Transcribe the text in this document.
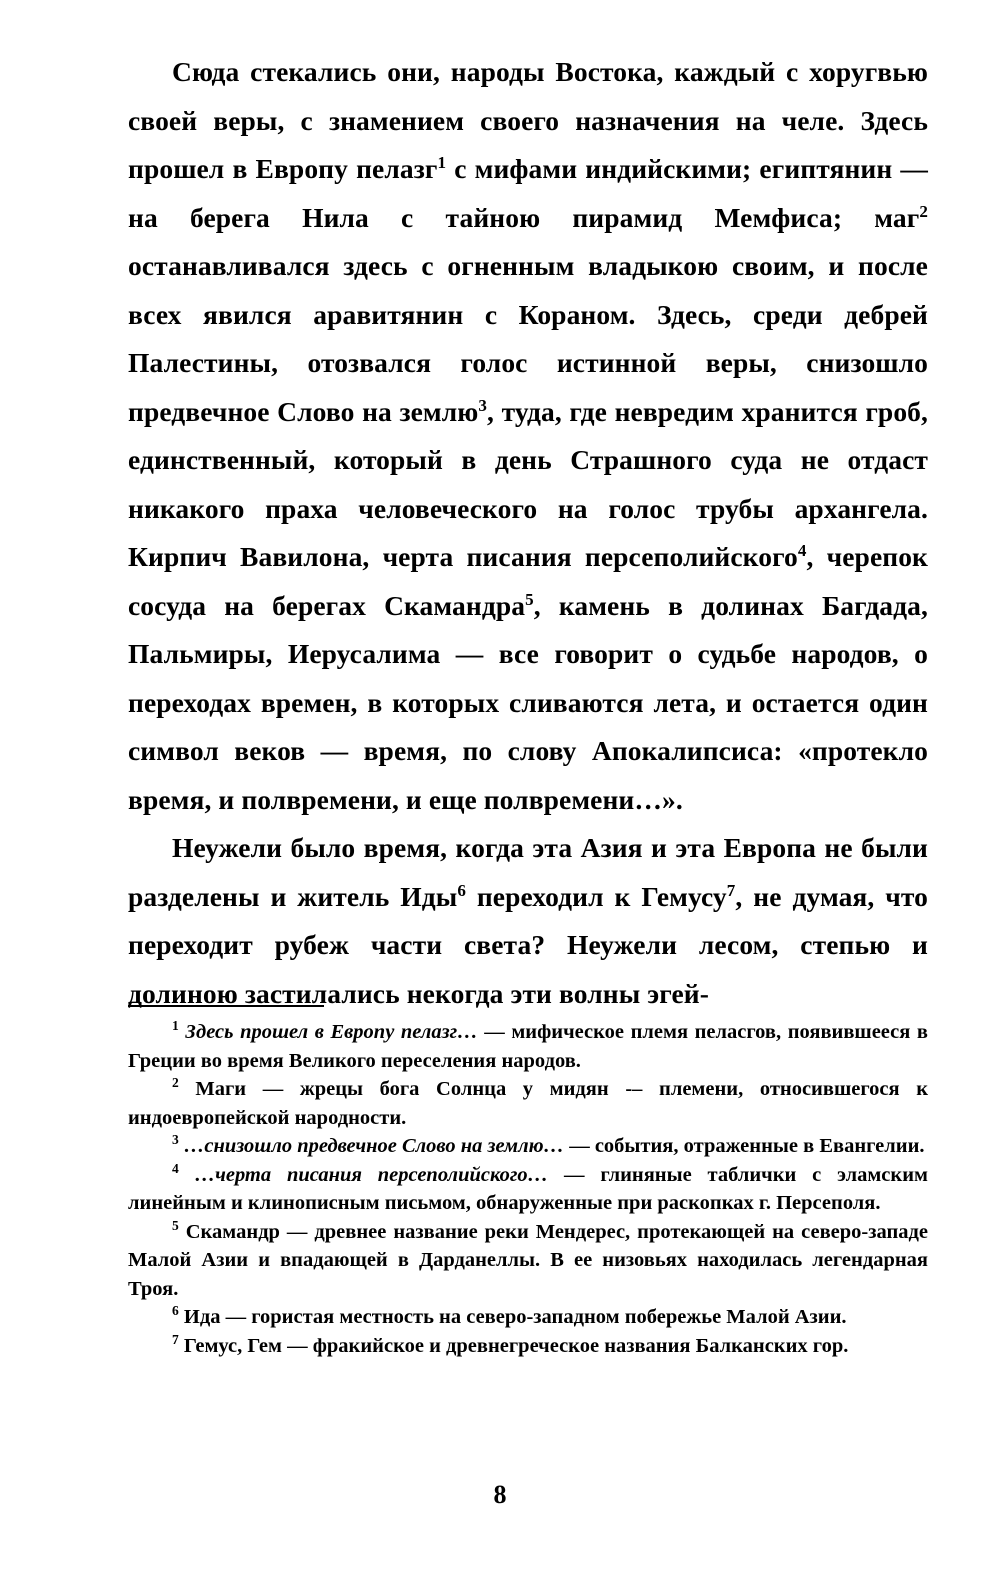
Сюда стекались они, народы Востока, каждый с хоругвью своей веры, с знамением своего назначения на челе. Здесь прошел в Европу пелазг$^1$ с мифами индийскими; египтянин — на берега Нила с тайною пирамид Мемфиса; маг$^2$ останавливался здесь с огненным владыкою своим, и после всех явился аравитянин с Кораном. Здесь, среди дебрей Палестины, отозвался голос истинной веры, снизошло предвечное Слово на землю$^3$, туда, где невредим хранится гроб, единственный, который в день Страшного суда не отдаст никакого праха человеческого на голос трубы архангела. Кирпич Вавилона, черта писания персеполийского$^4$, черепок сосуда на берегах Скамандра$^5$, камень в долинах Багдада, Пальмиры, Иерусалима — все говорит о судьбе народов, о переходах времен, в которых сливаются лета, и остается один символ веков — время, по слову Апокалипсиса: «протекло время, и полвремени, и еще полвремени…».

Неужели было время, когда эта Азия и эта Европа не были разделены и житель Иды$^6$ переходил к Гемусу$^7$, не думая, что переходит рубеж части света? Неужели лесом, степью и долиною застилались некогда эти волны эгей-

$^1$ Здесь прошел в Европу пелазг… — мифическое племя пеласгов, появившееся в Греции во время Великого переселения народов.

$^2$ Маги — жрецы бога Солнца у мидян -– племени, относившегося к индоевропейской народности.

$^3$ …снизошло предвечное Слово на землю… — события, отраженные в Евангелии.

$^4$ …черта писания персеполийского… — глиняные таблички с эламским линейным и клинописным письмом, обнаруженные при раскопках г. Персеполя.

$^5$ Скамандр — древнее название реки Мендерес, протекающей на северо-западе Малой Азии и впадающей в Дарданеллы. В ее низовьях находилась легендарная Троя.

$^6$ Ида — гористая местность на северо-западном побережье Малой Азии.

$^7$ Гемус, Гем — фракийское и древнегреческое названия Балканских гор.

8
